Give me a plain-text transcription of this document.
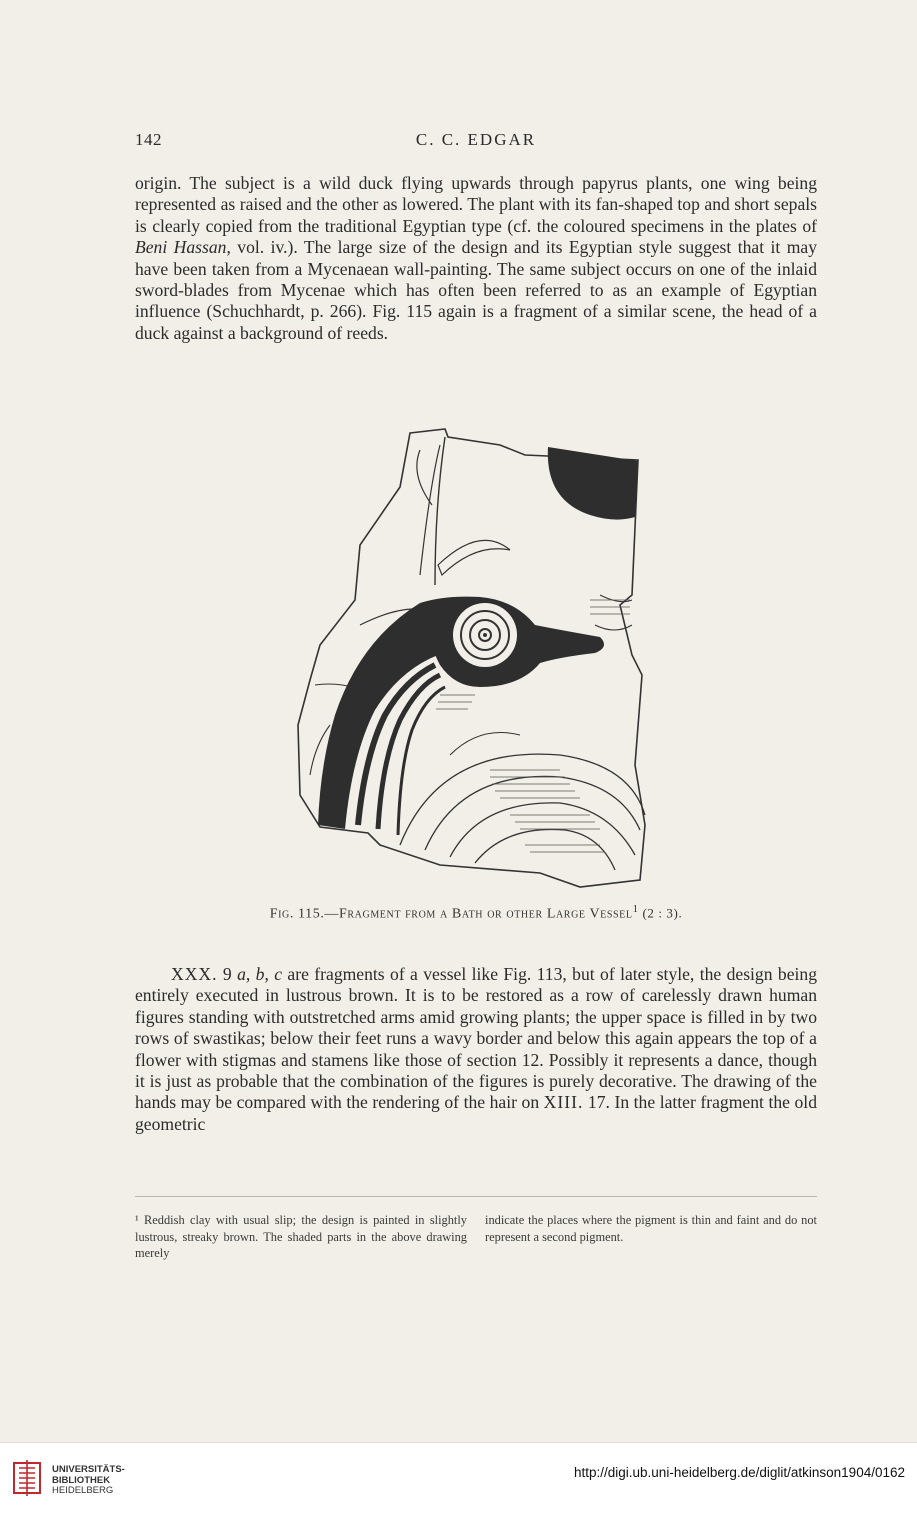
142	C. C. EDGAR

origin. The subject is a wild duck flying upwards through papyrus plants, one wing being represented as raised and the other as lowered. The plant with its fan-shaped top and short sepals is clearly copied from the traditional Egyptian type (cf. the coloured specimens in the plates of Beni Hassan, vol. iv.). The large size of the design and its Egyptian style suggest that it may have been taken from a Mycenaean wall-painting. The same subject occurs on one of the inlaid sword-blades from Mycenae which has often been referred to as an example of Egyptian influence (Schuchhardt, p. 266). Fig. 115 again is a fragment of a similar scene, the head of a duck against a background of reeds.

Fig. 115.—Fragment from a Bath or other Large Vessel$^1$ (2 : 3).

XXX. 9 a, b, c are fragments of a vessel like Fig. 113, but of later style, the design being entirely executed in lustrous brown. It is to be restored as a row of carelessly drawn human figures standing with outstretched arms amid growing plants; the upper space is filled in by two rows of swastikas; below their feet runs a wavy border and below this again appears the top of a flower with stigmas and stamens like those of section 12. Possibly it represents a dance, though it is just as probable that the combination of the figures is purely decorative. The drawing of the hands may be compared with the rendering of the hair on XIII. 17. In the latter fragment the old geometric

¹ Reddish clay with usual slip; the design is painted in slightly lustrous, streaky brown. The shaded parts in the above drawing merely

indicate the places where the pigment is thin and faint and do not represent a second pigment.

UNIVERSITÄTS-
BIBLIOTHEK
HEIDELBERG
http://digi.ub.uni-heidelberg.de/diglit/atkinson1904/0162
